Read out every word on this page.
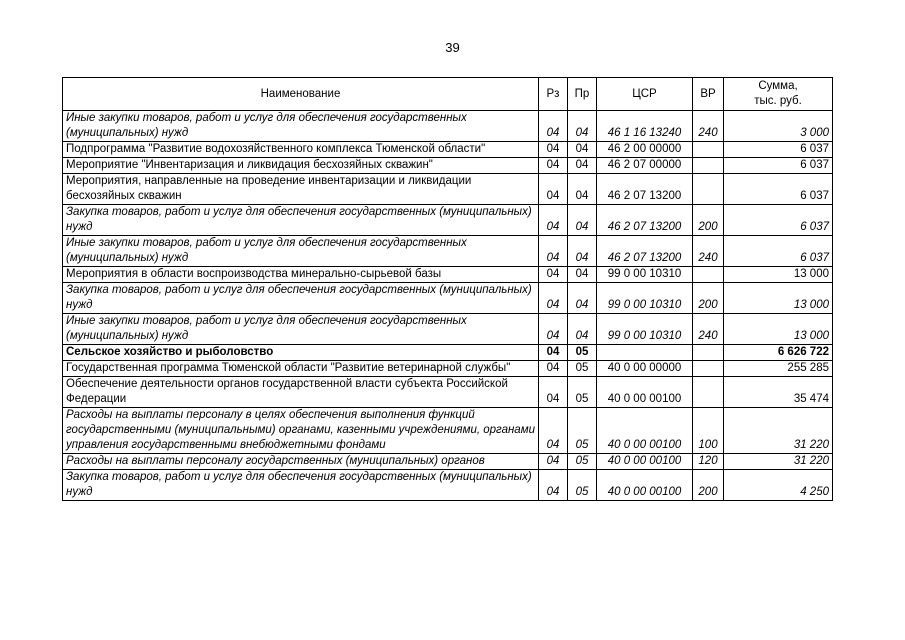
39
Наименование	Рз	Пр	ЦСР	ВР	Сумма,
тыс. руб.
Иные закупки товаров, работ и услуг для обеспечения государственных (муниципальных) нужд	04	04	46 1 16 13240	240	3 000
Подпрограмма "Развитие водохозяйственного комплекса Тюменской области"	04	04	46 2 00 00000		6 037
Мероприятие "Инвентаризация и ликвидация бесхозяйных скважин"	04	04	46 2 07 00000		6 037
Мероприятия, направленные на проведение инвентаризации и ликвидации бесхозяйных скважин	04	04	46 2 07 13200		6 037
Закупка товаров, работ и услуг для обеспечения государственных (муниципальных) нужд	04	04	46 2 07 13200	200	6 037
Иные закупки товаров, работ и услуг для обеспечения государственных (муниципальных) нужд	04	04	46 2 07 13200	240	6 037
Мероприятия в области воспроизводства минерально-сырьевой базы	04	04	99 0 00 10310		13 000
Закупка товаров, работ и услуг для обеспечения государственных (муниципальных) нужд	04	04	99 0 00 10310	200	13 000
Иные закупки товаров, работ и услуг для обеспечения государственных (муниципальных) нужд	04	04	99 0 00 10310	240	13 000
Сельское хозяйство и рыболовство	04	05			6 626 722
Государственная программа Тюменской области "Развитие ветеринарной службы"	04	05	40 0 00 00000		255 285
Обеспечение деятельности органов государственной власти субъекта Российской Федерации	04	05	40 0 00 00100		35 474
Расходы на выплаты персоналу в целях обеспечения выполнения функций государственными (муниципальными) органами, казенными учреждениями, органами управления государственными внебюджетными фондами	04	05	40 0 00 00100	100	31 220
Расходы на выплаты персоналу государственных (муниципальных) органов	04	05	40 0 00 00100	120	31 220
Закупка товаров, работ и услуг для обеспечения государственных (муниципальных) нужд	04	05	40 0 00 00100	200	4 250
